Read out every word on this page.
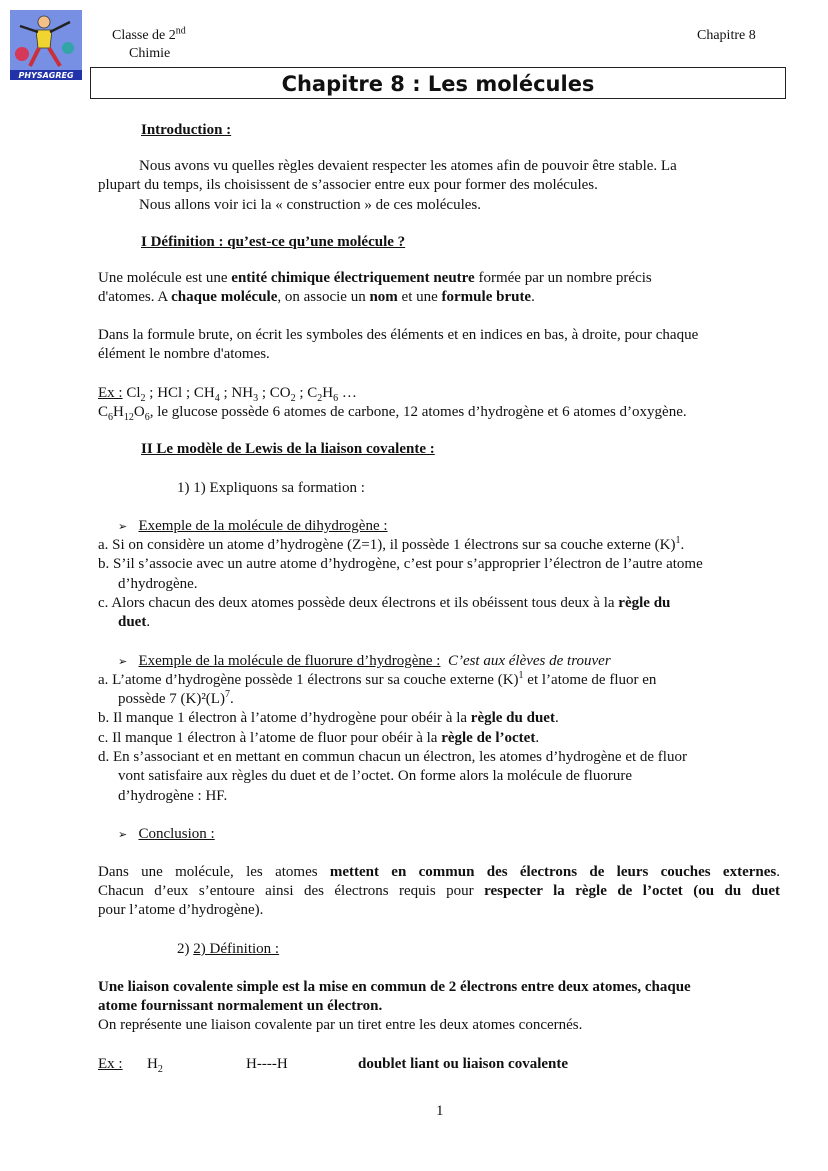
PHYSAGREG
Classe de 2nd
Chimie
Chapitre 8
Chapitre 8 : Les molécules
Introduction :
Nous avons vu quelles règles devaient respecter les atomes afin de pouvoir être stable. La
plupart du temps, ils choisissent de s’associer entre eux pour former des molécules.
Nous allons voir ici la « construction » de ces molécules.
I Définition : qu’est-ce qu’une molécule ?
Une molécule est une entité chimique électriquement neutre formée par un nombre précis
d'atomes. A chaque molécule, on associe un nom et une formule brute.
Dans la formule brute, on écrit les symboles des éléments et en indices en bas, à droite, pour chaque
élément le nombre d'atomes.
Ex : $Cl_2$ ; HCl ; $CH_4$ ; $NH_3$ ; $CO_2$ ; $C_2H_6$ …
$C_6H_{12}O_6$, le glucose possède 6 atomes de carbone, 12 atomes d’hydrogène et 6 atomes d’oxygène.
II Le modèle de Lewis de la liaison covalente :
1) 1) Expliquons sa formation :
➢ Exemple de la molécule de dihydrogène :
a. Si on considère un atome d’hydrogène (Z=1), il possède 1 électrons sur sa couche externe $(K)^1$.
b. S’il s’associe avec un autre atome d’hydrogène, c’est pour s’approprier l’électron de l’autre atome
d’hydrogène.
c. Alors chacun des deux atomes possède deux électrons et ils obéissent tous deux à la règle du
duet.
➢ Exemple de la molécule de fluorure d’hydrogène : C’est aux élèves de trouver
a. L’atome d’hydrogène possède 1 électrons sur sa couche externe $(K)^1$ et l’atome de fluor en
possède 7 $(K)^2(L)^7$.
b. Il manque 1 électron à l’atome d’hydrogène pour obéir à la règle du duet.
c. Il manque 1 électron à l’atome de fluor pour obéir à la règle de l’octet.
d. En s’associant et en mettant en commun chacun un électron, les atomes d’hydrogène et de fluor
vont satisfaire aux règles du duet et de l’octet. On forme alors la molécule de fluorure
d’hydrogène : HF.
➢ Conclusion :
Dans une molécule, les atomes mettent en commun des électrons de leurs couches externes.
Chacun d’eux s’entoure ainsi des électrons requis pour respecter la règle de l’octet (ou du duet
pour l’atome d’hydrogène).
2) 2) Définition :
Une liaison covalente simple est la mise en commun de 2 électrons entre deux atomes, chaque
atome fournissant normalement un électron.
On représente une liaison covalente par un tiret entre les deux atomes concernés.
Ex : $H_2$	H----H	doublet liant ou liaison covalente
1
